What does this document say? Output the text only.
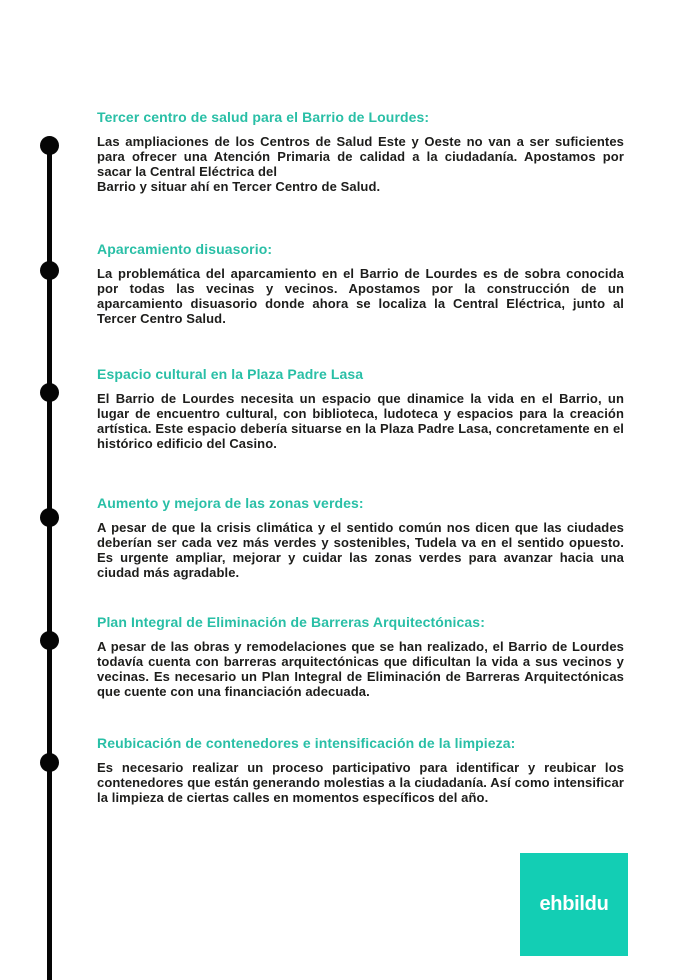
Tercer centro de salud para el Barrio de Lourdes:

Las ampliaciones de los Centros de Salud Este y Oeste no van a ser suficientes para ofrecer una Atención Primaria de calidad a la ciudadanía. Apostamos por sacar la Central Eléctrica del

Barrio y situar ahí en Tercer Centro de Salud.

Aparcamiento disuasorio:

La problemática del aparcamiento en el Barrio de Lourdes es de sobra conocida por todas las vecinas y vecinos. Apostamos por la construcción de un aparcamiento disuasorio donde ahora se localiza la Central Eléctrica, junto al Tercer Centro Salud.

Espacio cultural en la Plaza Padre Lasa

El Barrio de Lourdes necesita un espacio que dinamice la vida en el Barrio, un lugar de encuentro cultural, con biblioteca, ludoteca y espacios para la creación artística. Este espacio debería situarse en la Plaza Padre Lasa, concretamente en el histórico edificio del Casino.

Aumento y mejora de las zonas verdes:

A pesar de que la crisis climática y el sentido común nos dicen que las ciudades deberían ser cada vez más verdes y sostenibles, Tudela va en el sentido opuesto. Es urgente ampliar, mejorar y cuidar las zonas verdes para avanzar hacia una ciudad más agradable.

Plan Integral de Eliminación de Barreras Arquitectónicas:

A pesar de las obras y remodelaciones que se han realizado, el Barrio de Lourdes todavía cuenta con barreras arquitectónicas que dificultan la vida a sus vecinos y vecinas. Es necesario un Plan Integral de Eliminación de Barreras Arquitectónicas que cuente con una financiación adecuada.

Reubicación de contenedores e intensificación de la limpieza:

Es necesario realizar un proceso participativo para identificar y reubicar los contenedores que están generando molestias a la ciudadanía. Así como intensificar la limpieza de ciertas calles en momentos específicos del año.

ehbildu
